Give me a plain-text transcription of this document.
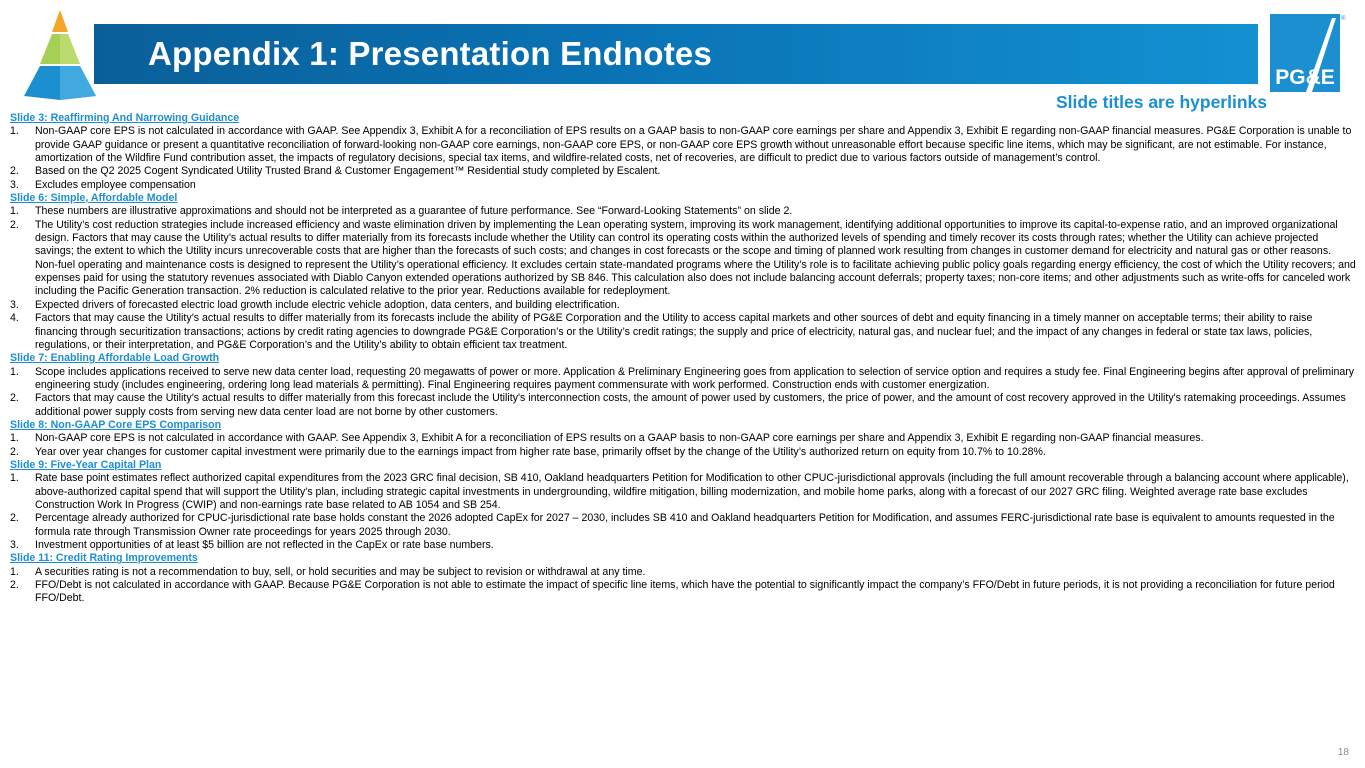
Appendix 1: Presentation Endnotes
PG&E
®
Slide titles are hyperlinks
Slide 3: Reaffirming And Narrowing Guidance
1.	Non-GAAP core EPS is not calculated in accordance with GAAP. See Appendix 3, Exhibit A for a reconciliation of EPS results on a GAAP basis to non-GAAP core earnings per share and Appendix 3, Exhibit E regarding non-GAAP financial measures. PG&E Corporation is unable to provide GAAP guidance or present a quantitative reconciliation of forward-looking non-GAAP core earnings, non-GAAP core EPS, or non-GAAP core EPS growth without unreasonable effort because specific line items, which may be significant, are not estimable. For instance, amortization of the Wildfire Fund contribution asset, the impacts of regulatory decisions, special tax items, and wildfire-related costs, net of recoveries, are difficult to predict due to various factors outside of management’s control.
2.	Based on the Q2 2025 Cogent Syndicated Utility Trusted Brand & Customer Engagement™ Residential study completed by Escalent.
3.	Excludes employee compensation
Slide 6: Simple, Affordable Model
1.	These numbers are illustrative approximations and should not be interpreted as a guarantee of future performance. See “Forward-Looking Statements” on slide 2.
2.	The Utility’s cost reduction strategies include increased efficiency and waste elimination driven by implementing the Lean operating system, improving its work management, identifying additional opportunities to improve its capital-to-expense ratio, and an improved organizational design. Factors that may cause the Utility’s actual results to differ materially from its forecasts include whether the Utility can control its operating costs within the authorized levels of spending and timely recover its costs through rates; whether the Utility can achieve projected savings; the extent to which the Utility incurs unrecoverable costs that are higher than the forecasts of such costs; and changes in cost forecasts or the scope and timing of planned work resulting from changes in customer demand for electricity and natural gas or other reasons. Non-fuel operating and maintenance costs is designed to represent the Utility’s operational efficiency. It excludes certain state-mandated programs where the Utility’s role is to facilitate achieving public policy goals regarding energy efficiency, the cost of which the Utility recovers; and expenses paid for using the statutory revenues associated with Diablo Canyon extended operations authorized by SB 846. This calculation also does not include balancing account deferrals; property taxes; non-core items; and other adjustments such as write-offs for canceled work including the Pacific Generation transaction. 2% reduction is calculated relative to the prior year. Reductions available for redeployment.
3.	Expected drivers of forecasted electric load growth include electric vehicle adoption, data centers, and building electrification.
4.	Factors that may cause the Utility’s actual results to differ materially from its forecasts include the ability of PG&E Corporation and the Utility to access capital markets and other sources of debt and equity financing in a timely manner on acceptable terms; their ability to raise financing through securitization transactions; actions by credit rating agencies to downgrade PG&E Corporation’s or the Utility’s credit ratings; the supply and price of electricity, natural gas, and nuclear fuel; and the impact of any changes in federal or state tax laws, policies, regulations, or their interpretation, and PG&E Corporation’s and the Utility’s ability to obtain efficient tax treatment.
Slide 7: Enabling Affordable Load Growth
1.	Scope includes applications received to serve new data center load, requesting 20 megawatts of power or more. Application & Preliminary Engineering goes from application to selection of service option and requires a study fee. Final Engineering begins after approval of preliminary engineering study (includes engineering, ordering long lead materials & permitting). Final Engineering requires payment commensurate with work performed. Construction ends with customer energization.
2.	Factors that may cause the Utility’s actual results to differ materially from this forecast include the Utility's interconnection costs, the amount of power used by customers, the price of power, and the amount of cost recovery approved in the Utility's ratemaking proceedings. Assumes additional power supply costs from serving new data center load are not borne by other customers.
Slide 8: Non-GAAP Core EPS Comparison
1.	Non-GAAP core EPS is not calculated in accordance with GAAP. See Appendix 3, Exhibit A for a reconciliation of EPS results on a GAAP basis to non-GAAP core earnings per share and Appendix 3, Exhibit E regarding non-GAAP financial measures.
2.	Year over year changes for customer capital investment were primarily due to the earnings impact from higher rate base, primarily offset by the change of the Utility’s authorized return on equity from 10.7% to 10.28%.
Slide 9: Five-Year Capital Plan
1.	Rate base point estimates reflect authorized capital expenditures from the 2023 GRC final decision, SB 410, Oakland headquarters Petition for Modification to other CPUC-jurisdictional approvals (including the full amount recoverable through a balancing account where applicable), above-authorized capital spend that will support the Utility's plan, including strategic capital investments in undergrounding, wildfire mitigation, billing modernization, and mobile home parks, along with a forecast of our 2027 GRC filing. Weighted average rate base excludes Construction Work In Progress (CWIP) and non-earnings rate base related to AB 1054 and SB 254.
2.	Percentage already authorized for CPUC-jurisdictional rate base holds constant the 2026 adopted CapEx for 2027 – 2030, includes SB 410 and Oakland headquarters Petition for Modification, and assumes FERC-jurisdictional rate base is equivalent to amounts requested in the formula rate through Transmission Owner rate proceedings for years 2025 through 2030.
3.	Investment opportunities of at least $5 billion are not reflected in the CapEx or rate base numbers.
Slide 11: Credit Rating Improvements
1.	A securities rating is not a recommendation to buy, sell, or hold securities and may be subject to revision or withdrawal at any time.
2.	FFO/Debt is not calculated in accordance with GAAP. Because PG&E Corporation is not able to estimate the impact of specific line items, which have the potential to significantly impact the company’s FFO/Debt in future periods, it is not providing a reconciliation for future period FFO/Debt.
18
